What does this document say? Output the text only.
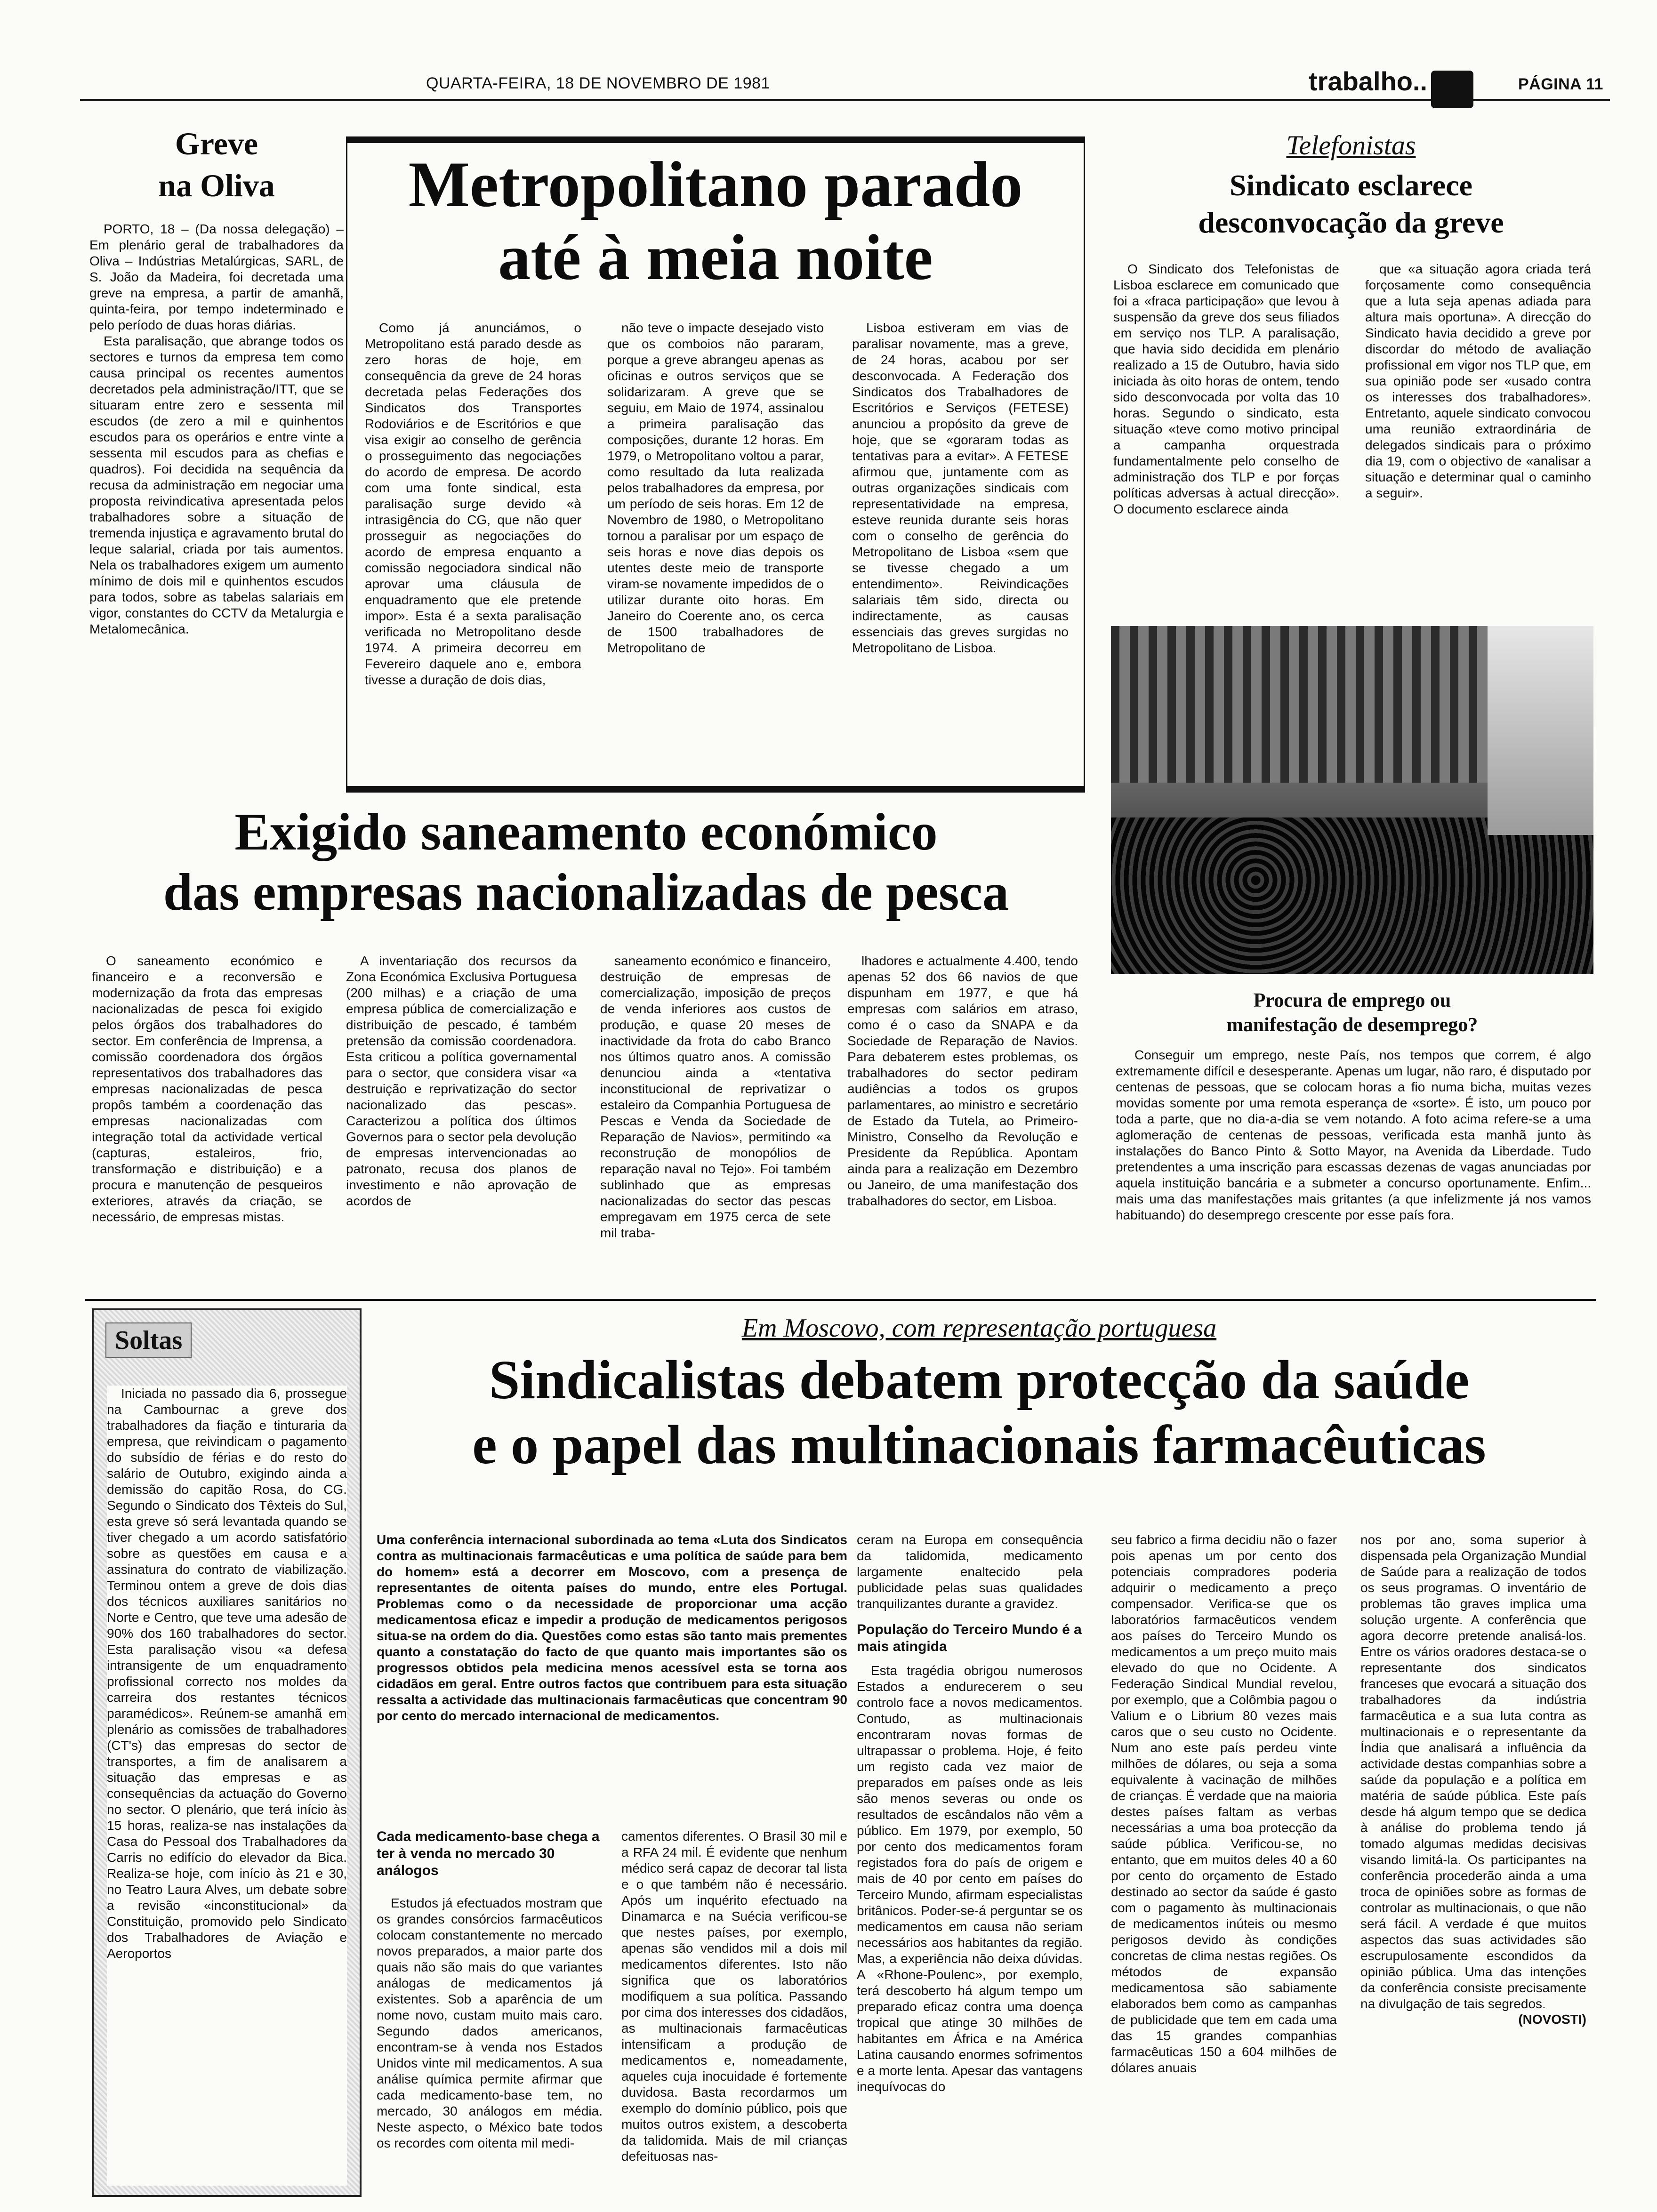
QUARTA-FEIRA, 18 DE NOVEMBRO DE 1981	trabalho..	PÁGINA 11
Greve
na Oliva

PORTO, 18 – (Da nossa delegação) – Em plenário geral de trabalhadores da Oliva – Indústrias Metalúrgicas, SARL, de S. João da Madeira, foi decretada uma greve na empresa, a partir de amanhã, quinta-feira, por tempo indeterminado e pelo período de duas horas diárias.

Esta paralisação, que abrange todos os sectores e turnos da empresa tem como causa principal os recentes aumentos decretados pela administração/ITT, que se situaram entre zero e sessenta mil escudos (de zero a mil e quinhentos escudos para os operários e entre vinte a sessenta mil escudos para as chefias e quadros). Foi decidida na sequência da recusa da administração em negociar uma proposta reivindicativa apresentada pelos trabalhadores sobre a situação de tremenda injustiça e agravamento brutal do leque salarial, criada por tais aumentos. Nela os trabalhadores exigem um aumento mínimo de dois mil e quinhentos escudos para todos, sobre as tabelas salariais em vigor, constantes do CCTV da Metalurgia e Metalomecânica.

Metropolitano parado
até à meia noite
Como já anunciámos, o Metropolitano está parado desde as zero horas de hoje, em consequência da greve de 24 horas decretada pelas Federações dos Sindicatos dos Transportes Rodoviários e de Escritórios e que visa exigir ao conselho de gerência o prosseguimento das negociações do acordo de empresa. De acordo com uma fonte sindical, esta paralisação surge devido «à intrasigência do CG, que não quer prosseguir as negociações do acordo de empresa enquanto a comissão negociadora sindical não aprovar uma cláusula de enquadramento que ele pretende impor». Esta é a sexta paralisação verificada no Metropolitano desde 1974. A primeira decorreu em Fevereiro daquele ano e, embora tivesse a duração de dois dias,
não teve o impacte desejado visto que os comboios não pararam, porque a greve abrangeu apenas as oficinas e outros serviços que se solidarizaram. A greve que se seguiu, em Maio de 1974, assinalou a primeira paralisação das composições, durante 12 horas. Em 1979, o Metropolitano voltou a parar, como resultado da luta realizada pelos trabalhadores da empresa, por um período de seis horas. Em 12 de Novembro de 1980, o Metropolitano tornou a paralisar por um espaço de seis horas e nove dias depois os utentes deste meio de transporte viram-se novamente impedidos de o utilizar durante oito horas. Em Janeiro do Coerente ano, os cerca de 1500 trabalhadores de Metropolitano de
Lisboa estiveram em vias de paralisar novamente, mas a greve, de 24 horas, acabou por ser desconvocada. A Federação dos Sindicatos dos Trabalhadores de Escritórios e Serviços (FETESE) anunciou a propósito da greve de hoje, que se «goraram todas as tentativas para a evitar». A FETESE afirmou que, juntamente com as outras organizações sindicais com representatividade na empresa, esteve reunida durante seis horas com o conselho de gerência do Metropolitano de Lisboa «sem que se tivesse chegado a um entendimento». Reivindicações salariais têm sido, directa ou indirectamente, as causas essenciais das greves surgidas no Metropolitano de Lisboa.
Telefonistas
Sindicato esclarece
desconvocação da greve
O Sindicato dos Telefonistas de Lisboa esclarece em comunicado que foi a «fraca participação» que levou à suspensão da greve dos seus filiados em serviço nos TLP. A paralisação, que havia sido decidida em plenário realizado a 15 de Outubro, havia sido iniciada às oito horas de ontem, tendo sido desconvocada por volta das 10 horas. Segundo o sindicato, esta situação «teve como motivo principal a campanha orquestrada fundamentalmente pelo conselho de administração dos TLP e por forças políticas adversas à actual direcção». O documento esclarece ainda
que «a situação agora criada terá forçosamente como consequência que a luta seja apenas adiada para altura mais oportuna». A direcção do Sindicato havia decidido a greve por discordar do método de avaliação profissional em vigor nos TLP que, em sua opinião pode ser «usado contra os interesses dos trabalhadores». Entretanto, aquele sindicato convocou uma reunião extraordinária de delegados sindicais para o próximo dia 19, com o objectivo de «analisar a situação e determinar qual o caminho a seguir».
Procura de emprego ou
manifestação de desemprego?
Conseguir um emprego, neste País, nos tempos que correm, é algo extremamente difícil e desesperante. Apenas um lugar, não raro, é disputado por centenas de pessoas, que se colocam horas a fio numa bicha, muitas vezes movidas somente por uma remota esperança de «sorte». É isto, um pouco por toda a parte, que no dia-a-dia se vem notando. A foto acima refere-se a uma aglomeração de centenas de pessoas, verificada esta manhã junto às instalações do Banco Pinto & Sotto Mayor, na Avenida da Liberdade. Tudo pretendentes a uma inscrição para escassas dezenas de vagas anunciadas por aquela instituição bancária e a submeter a concurso oportunamente. Enfim... mais uma das manifestações mais gritantes (a que infelizmente já nos vamos habituando) do desemprego crescente por esse país fora.
Exigido saneamento económico
das empresas nacionalizadas de pesca
O saneamento económico e financeiro e a reconversão e modernização da frota das empresas nacionalizadas de pesca foi exigido pelos órgãos dos trabalhadores do sector. Em conferência de Imprensa, a comissão coordenadora dos órgãos representativos dos trabalhadores das empresas nacionalizadas de pesca propôs também a coordenação das empresas nacionalizadas com integração total da actividade vertical (capturas, estaleiros, frio, transformação e distribuição) e a procura e manutenção de pesqueiros exteriores, através da criação, se necessário, de empresas mistas.
A inventariação dos recursos da Zona Económica Exclusiva Portuguesa (200 milhas) e a criação de uma empresa pública de comercialização e distribuição de pescado, é também pretensão da comissão coordenadora. Esta criticou a política governamental para o sector, que considera visar «a destruição e reprivatização do sector nacionalizado das pescas». Caracterizou a política dos últimos Governos para o sector pela devolução de empresas intervencionadas ao patronato, recusa dos planos de investimento e não aprovação de acordos de
saneamento económico e financeiro, destruição de empresas de comercialização, imposição de preços de venda inferiores aos custos de produção, e quase 20 meses de inactividade da frota do cabo Branco nos últimos quatro anos. A comissão denunciou ainda a «tentativa inconstitucional de reprivatizar o estaleiro da Companhia Portuguesa de Pescas e Venda da Sociedade de Reparação de Navios», permitindo «a reconstrução de monopólios de reparação naval no Tejo». Foi também sublinhado que as empresas nacionalizadas do sector das pescas empregavam em 1975 cerca de sete mil traba-
lhadores e actualmente 4.400, tendo apenas 52 dos 66 navios de que dispunham em 1977, e que há empresas com salários em atraso, como é o caso da SNAPA e da Sociedade de Reparação de Navios. Para debaterem estes problemas, os trabalhadores do sector pediram audiências a todos os grupos parlamentares, ao ministro e secretário de Estado da Tutela, ao Primeiro-Ministro, Conselho da Revolução e Presidente da República. Apontam ainda para a realização em Dezembro ou Janeiro, de uma manifestação dos trabalhadores do sector, em Lisboa.
Soltas
Iniciada no passado dia 6, prossegue na Cambournac a greve dos trabalhadores da fiação e tinturaria da empresa, que reivindicam o pagamento do subsídio de férias e do resto do salário de Outubro, exigindo ainda a demissão do capitão Rosa, do CG. Segundo o Sindicato dos Têxteis do Sul, esta greve só será levantada quando se tiver chegado a um acordo satisfatório sobre as questões em causa e a assinatura do contrato de viabilização. Terminou ontem a greve de dois dias dos técnicos auxiliares sanitários no Norte e Centro, que teve uma adesão de 90% dos 160 trabalhadores do sector. Esta paralisação visou «a defesa intransigente de um enquadramento profissional correcto nos moldes da carreira dos restantes técnicos paramédicos». Reúnem-se amanhã em plenário as comissões de trabalhadores (CT's) das empresas do sector de transportes, a fim de analisarem a situação das empresas e as consequências da actuação do Governo no sector. O plenário, que terá início às 15 horas, realiza-se nas instalações da Casa do Pessoal dos Trabalhadores da Carris no edifício do elevador da Bica. Realiza-se hoje, com início às 21 e 30, no Teatro Laura Alves, um debate sobre a revisão «inconstitucional» da Constituição, promovido pelo Sindicato dos Trabalhadores de Aviação e Aeroportos
Em Moscovo, com representação portuguesa
Sindicalistas debatem protecção da saúde
e o papel das multinacionais farmacêuticas
Uma conferência internacional subordinada ao tema «Luta dos Sindicatos contra as multinacionais farmacêuticas e uma política de saúde para bem do homem» está a decorrer em Moscovo, com a presença de representantes de oitenta países do mundo, entre eles Portugal. Problemas como o da necessidade de proporcionar uma acção medicamentosa eficaz e impedir a produção de medicamentos perigosos situa-se na ordem do dia. Questões como estas são tanto mais prementes quanto a constatação do facto de que quanto mais importantes são os progressos obtidos pela medicina menos acessível esta se torna aos cidadãos em geral. Entre outros factos que contribuem para esta situação ressalta a actividade das multinacionais farmacêuticas que concentram 90 por cento do mercado internacional de medicamentos.
Cada medicamento-base chega a ter à venda no mercado 30 análogos
Estudos já efectuados mostram que os grandes consórcios farmacêuticos colocam constantemente no mercado novos preparados, a maior parte dos quais não são mais do que variantes análogas de medicamentos já existentes. Sob a aparência de um nome novo, custam muito mais caro. Segundo dados americanos, encontram-se à venda nos Estados Unidos vinte mil medicamentos. A sua análise química permite afirmar que cada medicamento-base tem, no mercado, 30 análogos em média. Neste aspecto, o México bate todos os recordes com oitenta mil medi-
camentos diferentes. O Brasil 30 mil e a RFA 24 mil. É evidente que nenhum médico será capaz de decorar tal lista e o que também não é necessário. Após um inquérito efectuado na Dinamarca e na Suécia verificou-se que nestes países, por exemplo, apenas são vendidos mil a dois mil medicamentos diferentes. Isto não significa que os laboratórios modifiquem a sua política. Passando por cima dos interesses dos cidadãos, as multinacionais farmacêuticas intensificam a produção de medicamentos e, nomeadamente, aqueles cuja inocuidade é fortemente duvidosa. Basta recordarmos um exemplo do domínio público, pois que muitos outros existem, a descoberta da talidomida. Mais de mil crianças defeituosas nas-
ceram na Europa em consequência da talidomida, medicamento largamente enaltecido pela publicidade pelas suas qualidades tranquilizantes durante a gravidez.
População do Terceiro Mundo é a mais atingida
Esta tragédia obrigou numerosos Estados a endurecerem o seu controlo face a novos medicamentos. Contudo, as multinacionais encontraram novas formas de ultrapassar o problema. Hoje, é feito um registo cada vez maior de preparados em países onde as leis são menos severas ou onde os resultados de escândalos não vêm a público. Em 1979, por exemplo, 50 por cento dos medicamentos foram registados fora do país de origem e mais de 40 por cento em países do Terceiro Mundo, afirmam especialistas britânicos. Poder-se-á perguntar se os medicamentos em causa não seriam necessários aos habitantes da região. Mas, a experiência não deixa dúvidas. A «Rhone-Poulenc», por exemplo, terá descoberto há algum tempo um preparado eficaz contra uma doença tropical que atinge 30 milhões de habitantes em África e na América Latina causando enormes sofrimentos e a morte lenta. Apesar das vantagens inequívocas do
seu fabrico a firma decidiu não o fazer pois apenas um por cento dos potenciais compradores poderia adquirir o medicamento a preço compensador. Verifica-se que os laboratórios farmacêuticos vendem aos países do Terceiro Mundo os medicamentos a um preço muito mais elevado do que no Ocidente. A Federação Sindical Mundial revelou, por exemplo, que a Colômbia pagou o Valium e o Librium 80 vezes mais caros que o seu custo no Ocidente. Num ano este país perdeu vinte milhões de dólares, ou seja a soma equivalente à vacinação de milhões de crianças. É verdade que na maioria destes países faltam as verbas necessárias a uma boa protecção da saúde pública. Verificou-se, no entanto, que em muitos deles 40 a 60 por cento do orçamento de Estado destinado ao sector da saúde é gasto com o pagamento às multinacionais de medicamentos inúteis ou mesmo perigosos devido às condições concretas de clima nestas regiões. Os métodos de expansão medicamentosa são sabiamente elaborados bem como as campanhas de publicidade que tem em cada uma das 15 grandes companhias farmacêuticas 150 a 604 milhões de dólares anuais
nos por ano, soma superior à dispensada pela Organização Mundial de Saúde para a realização de todos os seus programas. O inventário de problemas tão graves implica uma solução urgente. A conferência que agora decorre pretende analisá-los. Entre os vários oradores destaca-se o representante dos sindicatos franceses que evocará a situação dos trabalhadores da indústria farmacêutica e a sua luta contra as multinacionais e o representante da Índia que analisará a influência da actividade destas companhias sobre a saúde da população e a política em matéria de saúde pública. Este país desde há algum tempo que se dedica à análise do problema tendo já tomado algumas medidas decisivas visando limitá-la. Os participantes na conferência procederão ainda a uma troca de opiniões sobre as formas de controlar as multinacionais, o que não será fácil. A verdade é que muitos aspectos das suas actividades são escrupulosamente escondidos da opinião pública. Uma das intenções da conferência consiste precisamente na divulgação de tais segredos.
(NOVOSTI)
